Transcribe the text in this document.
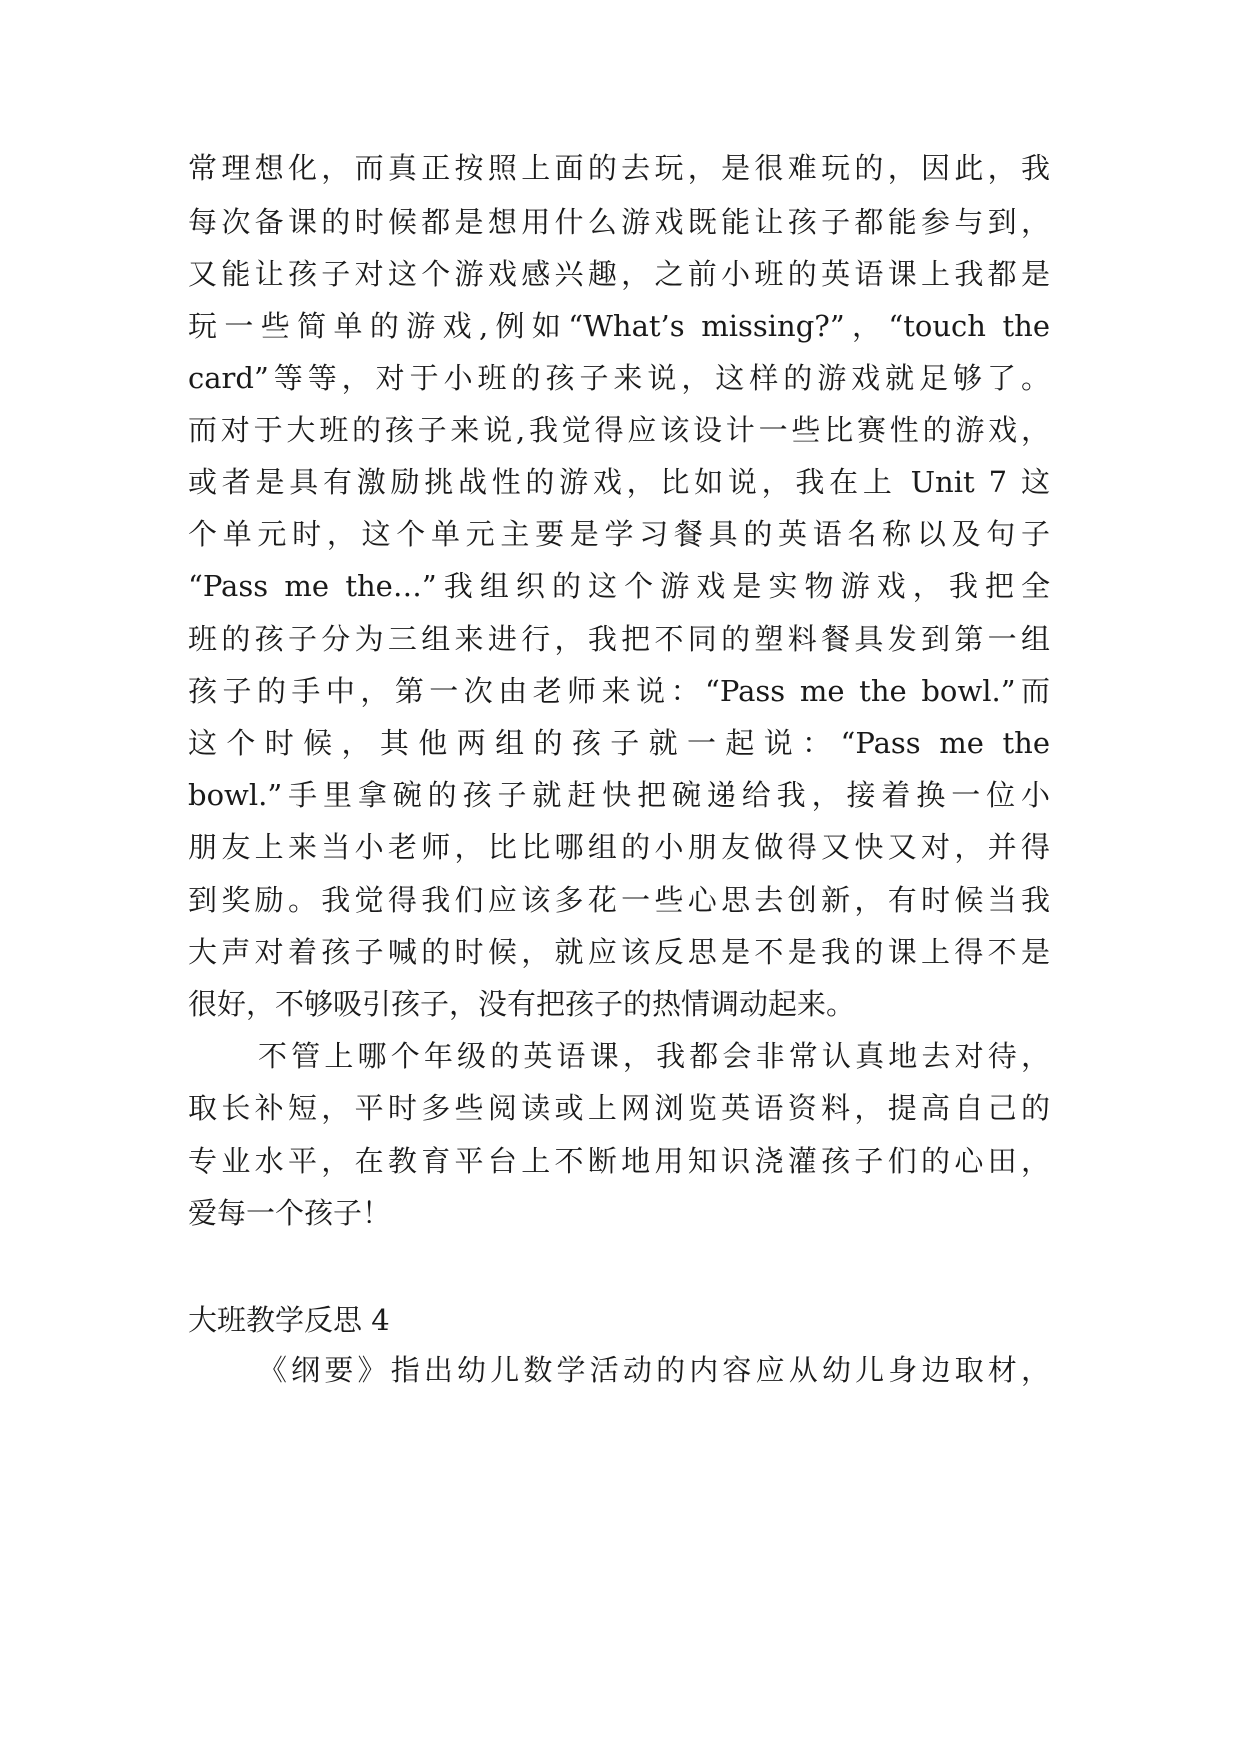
常理想化，而真正按照上面的去玩，是很难玩的，因此，我
每次备课的时候都是想用什么游戏既能让孩子都能参与到，
又能让孩子对这个游戏感兴趣，之前小班的英语课上我都是
玩一些简单的游戏,例如“What’s missing?”，“touch the
card”等等，对于小班的孩子来说，这样的游戏就足够了。
而对于大班的孩子来说,我觉得应该设计一些比赛性的游戏，
或者是具有激励挑战性的游戏，比如说，我在上 Unit 7 这
个单元时，这个单元主要是学习餐具的英语名称以及句子
“Pass me the…”我组织的这个游戏是实物游戏，我把全
班的孩子分为三组来进行，我把不同的塑料餐具发到第一组
孩子的手中，第一次由老师来说：“Pass me the bowl.”而
这个时候，其他两组的孩子就一起说：“Pass me the
bowl.”手里拿碗的孩子就赶快把碗递给我，接着换一位小
朋友上来当小老师，比比哪组的小朋友做得又快又对，并得
到奖励。我觉得我们应该多花一些心思去创新，有时候当我
大声对着孩子喊的时候，就应该反思是不是我的课上得不是
很好，不够吸引孩子，没有把孩子的热情调动起来。
不管上哪个年级的英语课，我都会非常认真地去对待，
取长补短，平时多些阅读或上网浏览英语资料，提高自己的
专业水平，在教育平台上不断地用知识浇灌孩子们的心田，
爱每一个孩子！
大班教学反思 4
《纲要》指出幼儿数学活动的内容应从幼儿身边取材，
